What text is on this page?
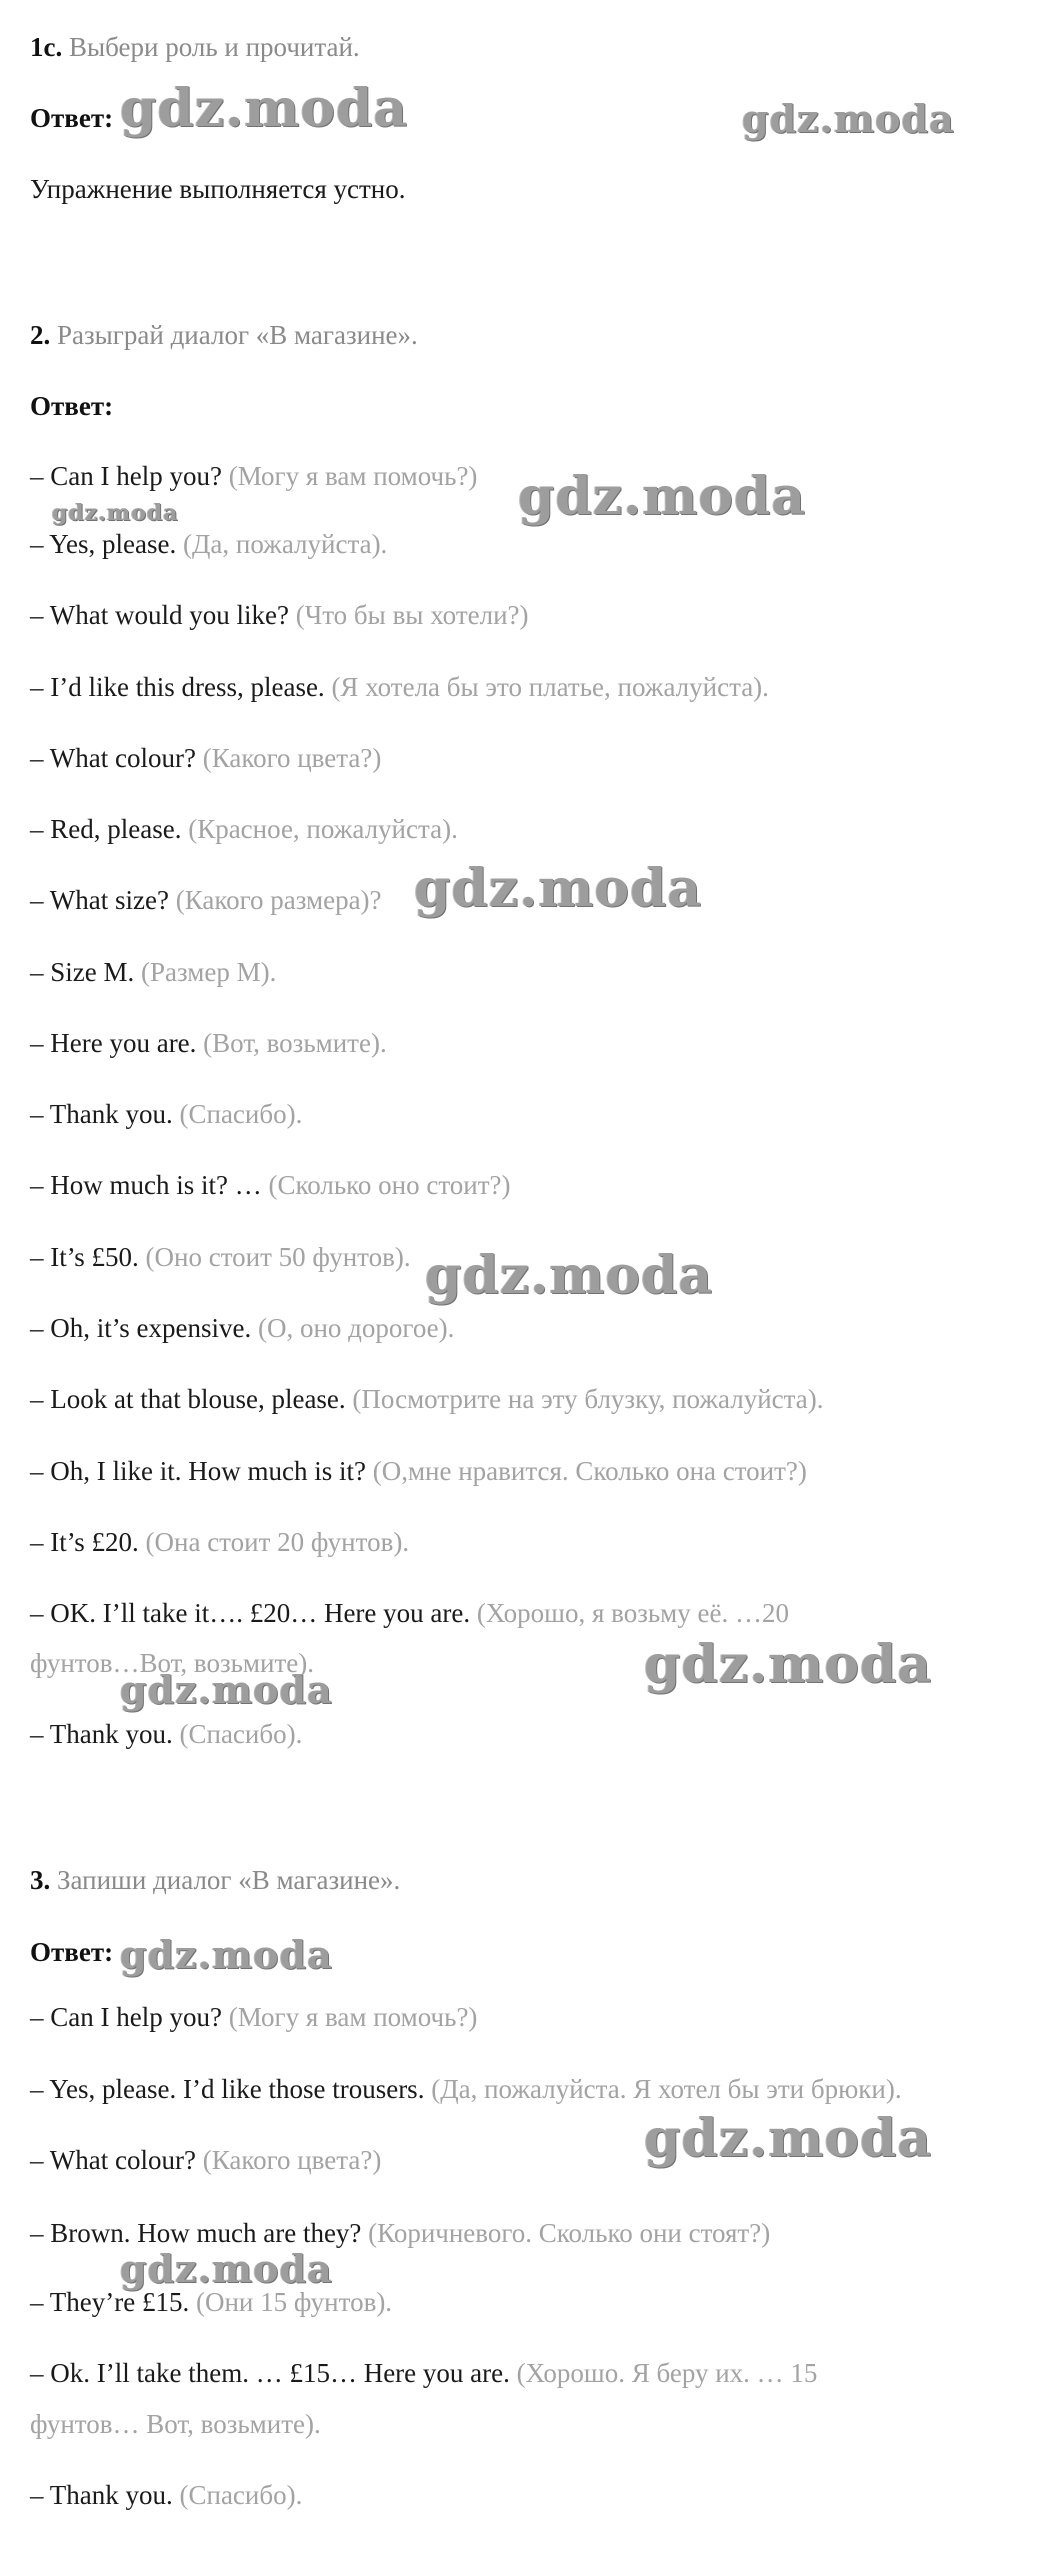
1c. Выбери роль и прочитай.
Ответ:
Упражнение выполняется устно.
2. Разыграй диалог «В магазине».
Ответ:
– Can I help you? (Могу я вам помочь?)
– Yes, please. (Да, пожалуйста).
– What would you like? (Что бы вы хотели?)
– I’d like this dress, please. (Я хотела бы это платье, пожалуйста).
– What colour? (Какого цвета?)
– Red, please. (Красное, пожалуйста).
– What size? (Какого размера)?
– Size M. (Размер М).
– Here you are. (Вот, возьмите).
– Thank you. (Спасибо).
– How much is it? … (Сколько оно стоит?)
– It’s £50. (Оно стоит 50 фунтов).
– Oh, it’s expensive. (О, оно дорогое).
– Look at that blouse, please. (Посмотрите на эту блузку, пожалуйста).
– Oh, I like it. How much is it? (О,мне нравится. Сколько она стоит?)
– It’s £20. (Она стоит 20 фунтов).
– OK. I’ll take it…. £20… Here you are. (Хорошо, я возьму её. …20
фунтов…Вот, возьмите).
– Thank you. (Спасибо).
3. Запиши диалог «В магазине».
Ответ:
– Can I help you? (Могу я вам помочь?)
– Yes, please. I’d like those trousers. (Да, пожалуйста. Я хотел бы эти брюки).
– What colour? (Какого цвета?)
– Brown. How much are they? (Коричневого. Сколько они стоят?)
– They’re £15. (Они 15 фунтов).
– Ok. I’ll take them. … £15… Here you are. (Хорошо. Я беру их. … 15
фунтов… Вот, возьмите).
– Thank you. (Спасибо).
gdz.moda	gdz.moda
gdz.moda
gdz.moda
gdz.moda
gdz.moda
gdz.moda
gdz.moda
gdz.moda
gdz.moda
gdz.moda
